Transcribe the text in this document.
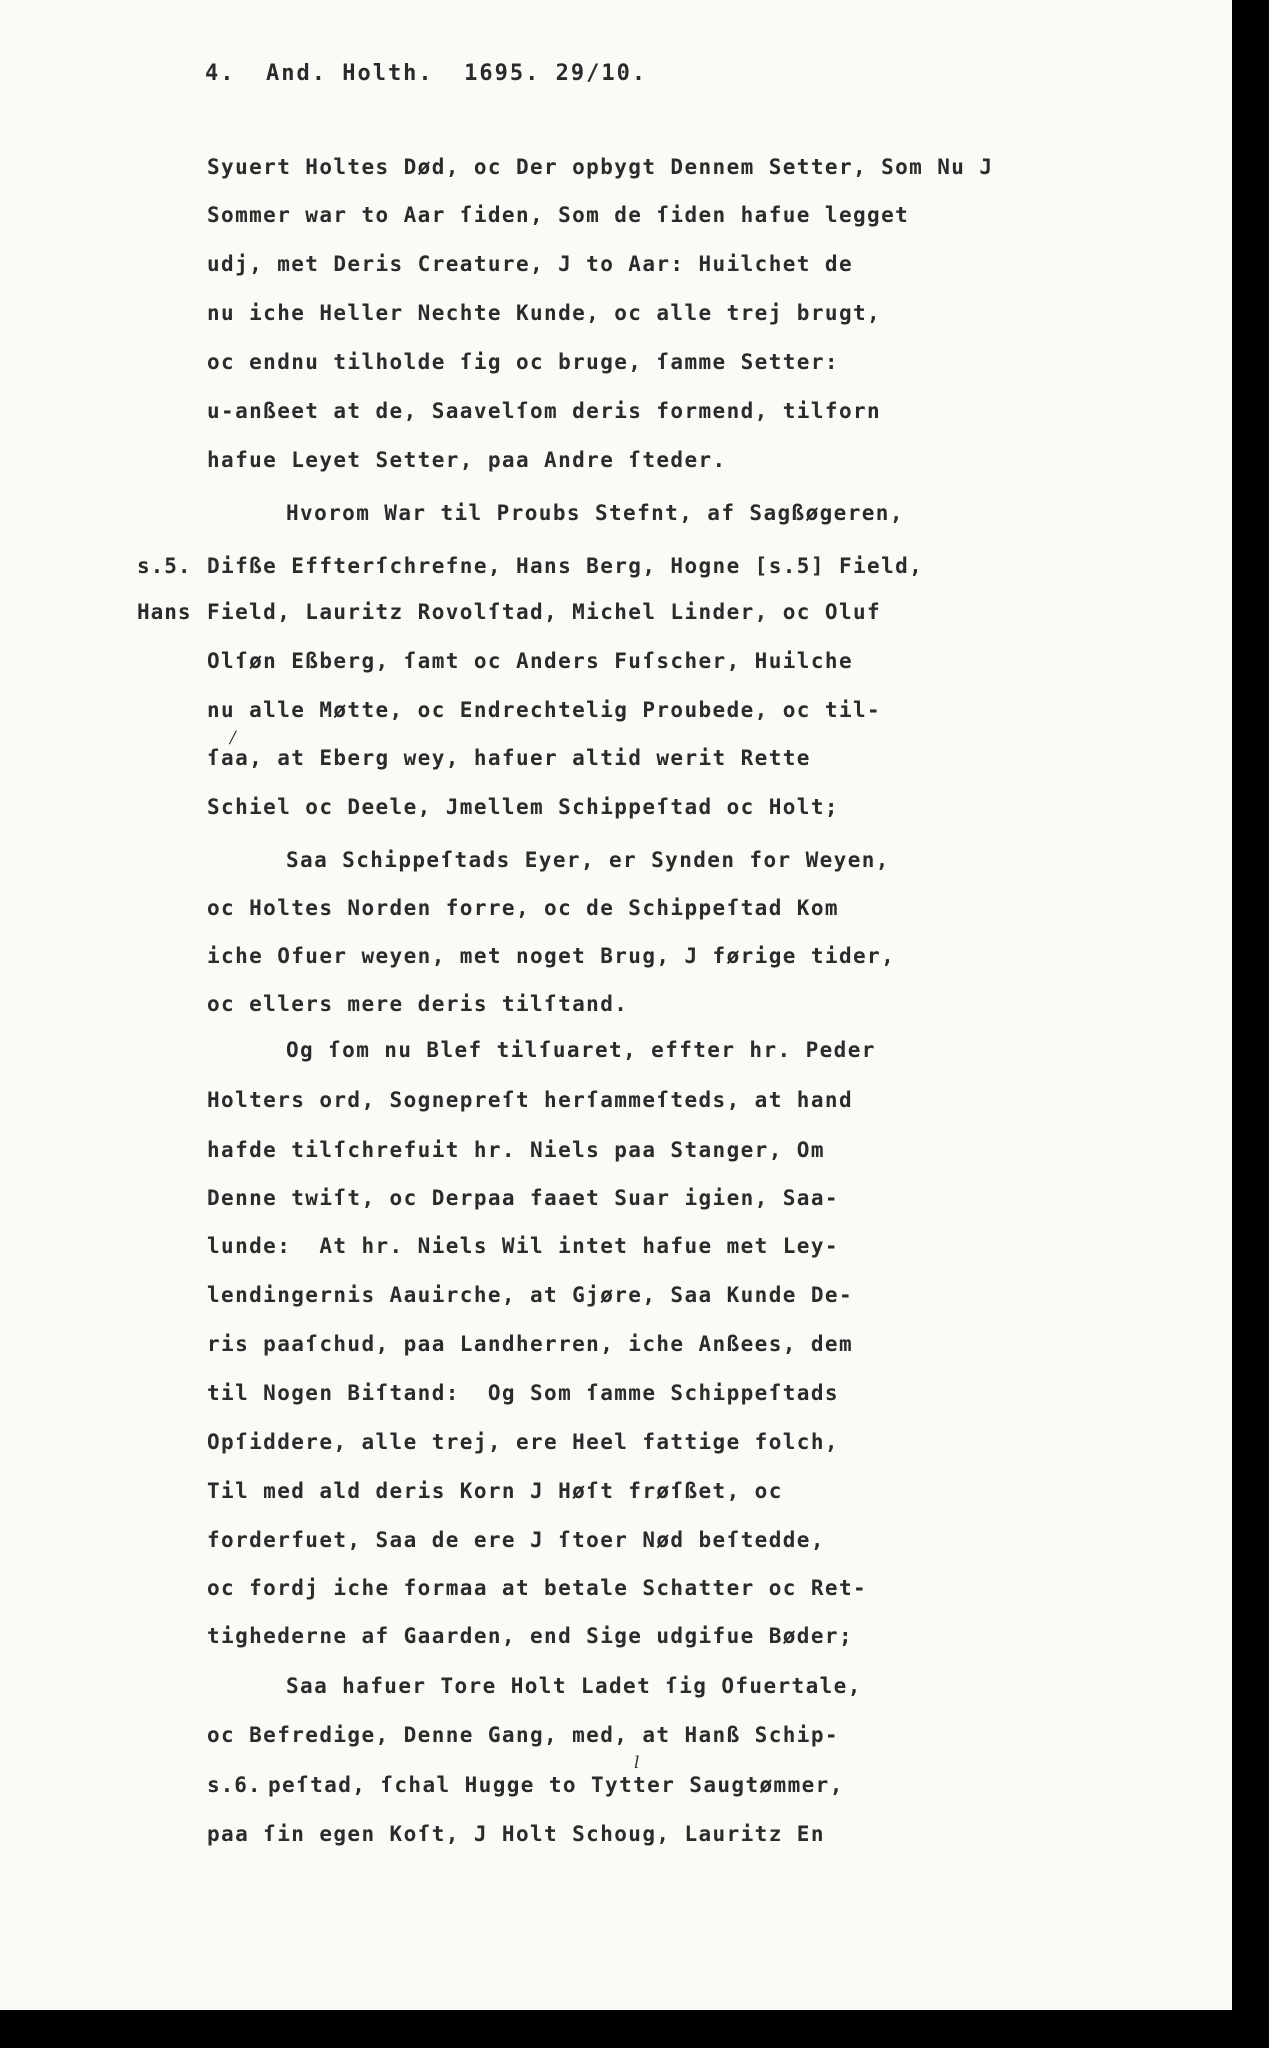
4.  And. Holth.  1695. 29/10.
Syuert Holtes Død, oc Der opbygt Dennem Setter, Som Nu J
Sommer war to Aar ſiden, Som de ſiden hafue legget
udj, met Deris Creature, J to Aar: Huilchet de
nu iche Heller Nechte Kunde, oc alle trej brugt,
oc endnu tilholde ſig oc bruge, ſamme Setter:
u-anßeet at de, Saavelſom deris formend, tilforn
hafue Leyet Setter, paa Andre ſteder.
Hvorom War til Proubs Stefnt, af Sagßøgeren,
s.5. Difße Effterſchrefne, Hans Berg, Hogne [s.5] Field,
Hans Field, Lauritz Rovolſtad, Michel Linder, oc Oluf
Olſøn Eßberg, ſamt oc Anders Fuſscher, Huilche
nu alle Møtte, oc Endrechtelig Proubede, oc til-
/
ſaa, at Eberg wey, hafuer altid werit Rette
Schiel oc Deele, Jmellem Schippeſtad oc Holt;
Saa Schippeſtads Eyer, er Synden for Weyen,
oc Holtes Norden forre, oc de Schippeſtad Kom
iche Ofuer weyen, met noget Brug, J førige tider,
oc ellers mere deris tilſtand.
Og ſom nu Blef tilſuaret, effter hr. Peder
Holters ord, Sognepreſt herſammeſteds, at hand
hafde tilſchrefuit hr. Niels paa Stanger, Om
Denne twiſt, oc Derpaa faaet Suar igien, Saa-
lunde:  At hr. Niels Wil intet hafue met Ley-
lendingernis Aauirche, at Gjøre, Saa Kunde De-
ris paaſchud, paa Landherren, iche Anßees, dem
til Nogen Biſtand:  Og Som ſamme Schippeſtads
Opſiddere, alle trej, ere Heel fattige folch,
Til med ald deris Korn J Høſt frøſßet, oc
forderfuet, Saa de ere J ſtoer Nød beſtedde,
oc fordj iche formaa at betale Schatter oc Ret-
tighederne af Gaarden, end Sige udgifue Bøder;
Saa hafuer Tore Holt Ladet ſig Ofuertale,
oc Befredige, Denne Gang, med, at Hanß Schip-
l
s.6. peſtad, ſchal Hugge to Tytter Saugtømmer,
paa ſin egen Koſt, J Holt Schoug, Lauritz En
